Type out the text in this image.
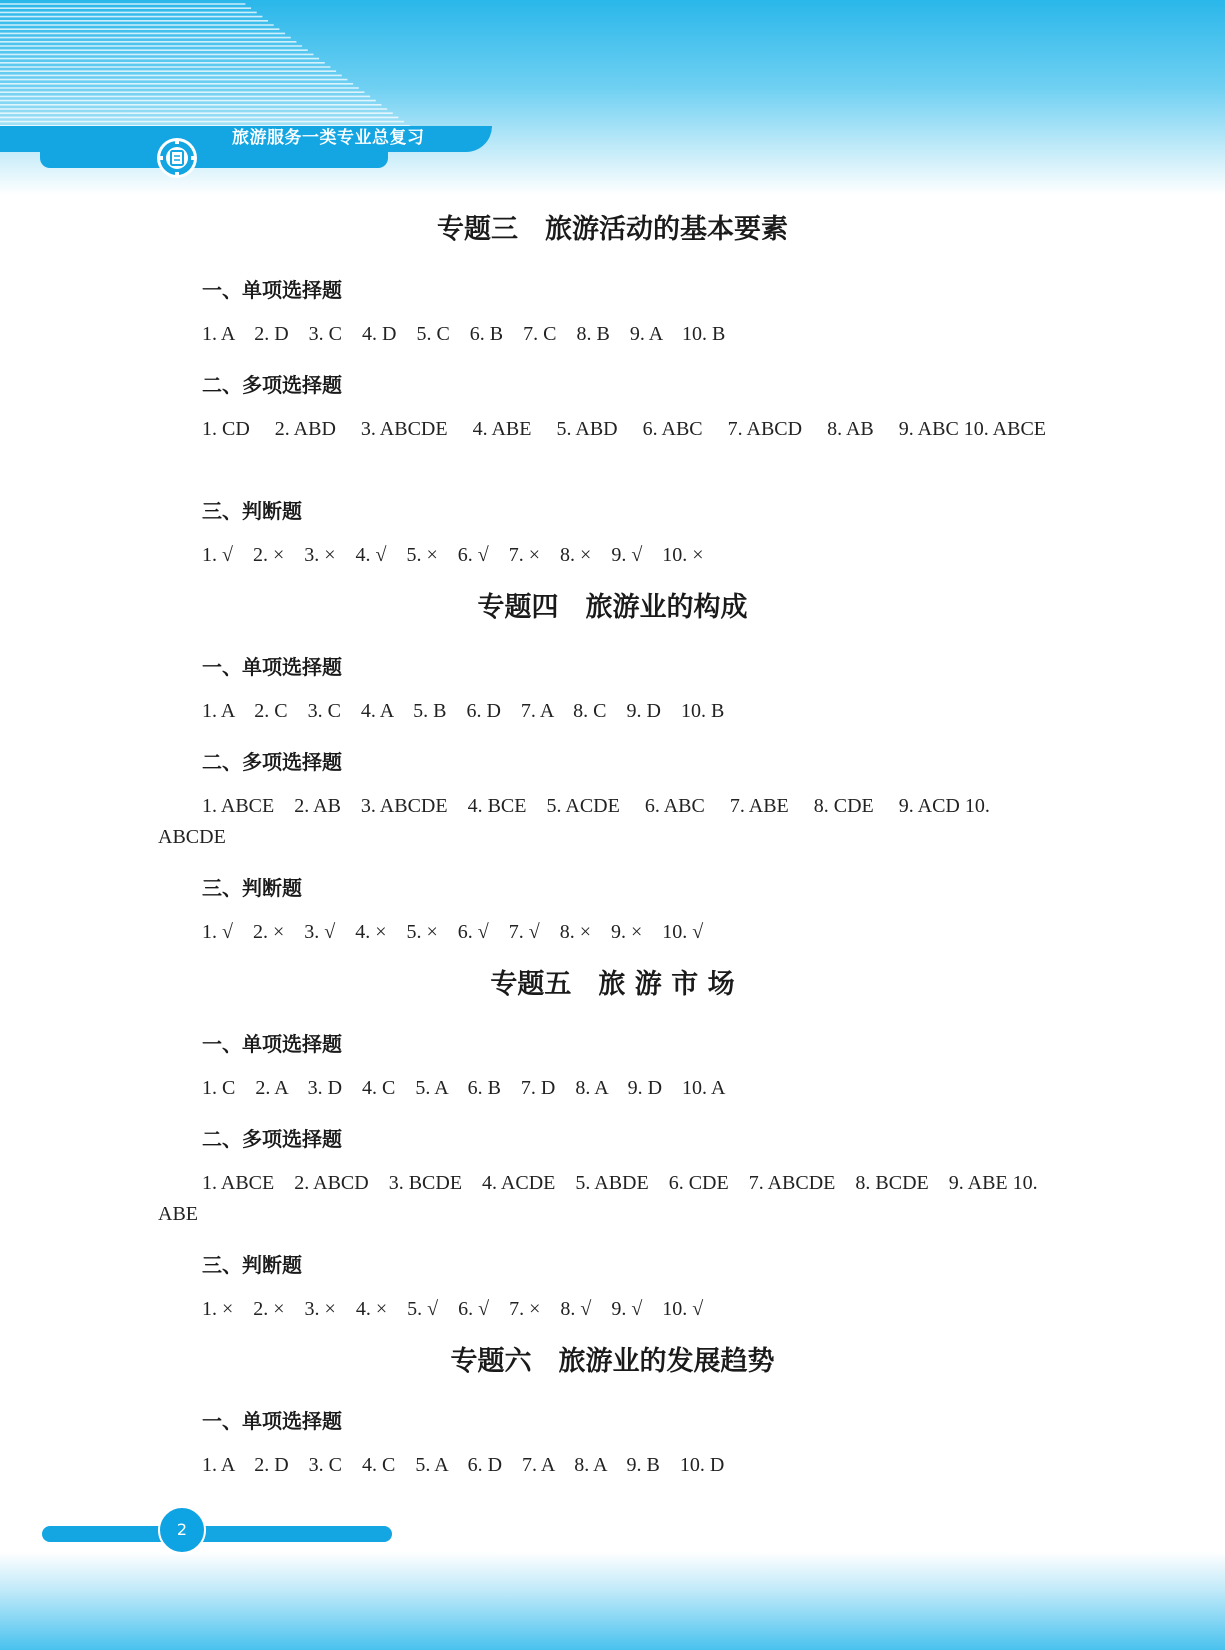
旅游服务一类专业总复习
专题三　旅游活动的基本要素
一、单项选择题

1. A　2. D　3. C　4. D　5. C　6. B　7. C　8. B　9. A　10. B

二、多项选择题

1. CD　 2. ABD　 3. ABCDE　 4. ABE　 5. ABD　 6. ABC　 7. ABCD　 8. AB　 9. ABC 10. ABCE

三、判断题

1. √　2. ×　3. ×　4. √　5. ×　6. √　7. ×　8. ×　9. √　10. ×

专题四　旅游业的构成
一、单项选择题

1. A　2. C　3. C　4. A　5. B　6. D　7. A　8. C　9. D　10. B

二、多项选择题

1. ABCE　2. AB　3. ABCDE　4. BCE　5. ACDE　 6. ABC　 7. ABE　 8. CDE　 9. ACD 10. ABCDE

三、判断题

1. √　2. ×　3. √　4. ×　5. ×　6. √　7. √　8. ×　9. ×　10. √

专题五　旅 游 市 场
一、单项选择题

1. C　2. A　3. D　4. C　5. A　6. B　7. D　8. A　9. D　10. A

二、多项选择题

1. ABCE　2. ABCD　3. BCDE　4. ACDE　5. ABDE　6. CDE　7. ABCDE　8. BCDE　9. ABE 10. ABE

三、判断题

1. ×　2. ×　3. ×　4. ×　5. √　6. √　7. ×　8. √　9. √　10. √

专题六　旅游业的发展趋势
一、单项选择题

1. A　2. D　3. C　4. C　5. A　6. D　7. A　8. A　9. B　10. D

2
